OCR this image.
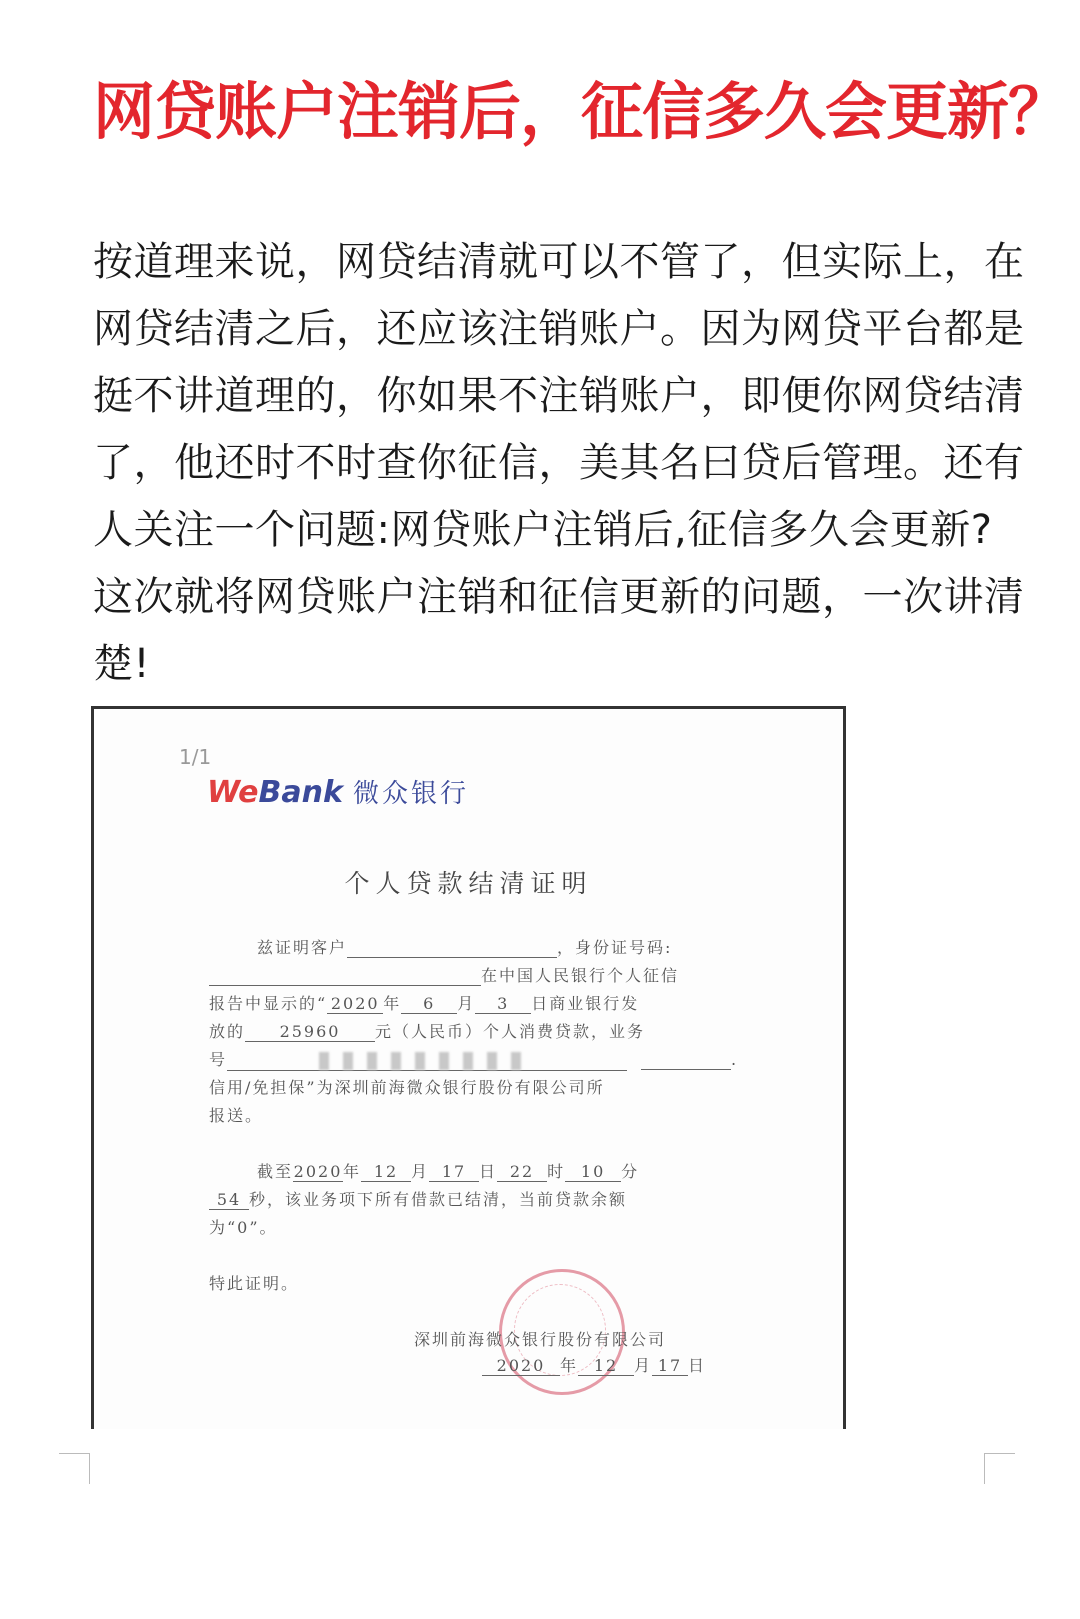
网贷账户注销后，征信多久会更新？
按道理来说，网贷结清就可以不管了，但实际上，在
网贷结清之后，还应该注销账户。因为网贷平台都是
挺不讲道理的，你如果不注销账户，即便你网贷结清
了，他还时不时查你征信，美其名曰贷后管理。还有
人关注一个问题:网贷账户注销后,征信多久会更新?
这次就将网贷账户注销和征信更新的问题，一次讲清
楚!
1/1
WeBank 微众银行
个人贷款结清证明
兹证明客户	，身份证号码:
在中国人民银行个人征信
报告中显示的“ 2020 年 6 月 3 日商业银行发
放的 25960 元（人民币）个人消费贷款，业务
号	.
信用/免担保”为深圳前海微众银行股份有限公司所
报送。
截至2020年 12 月 17 日 22 时 10 分
54 秒，该业务项下所有借款已结清，当前贷款余额
为“0”。
特此证明。
深圳前海微众银行股份有限公司
2020 年 12 月 17 日
